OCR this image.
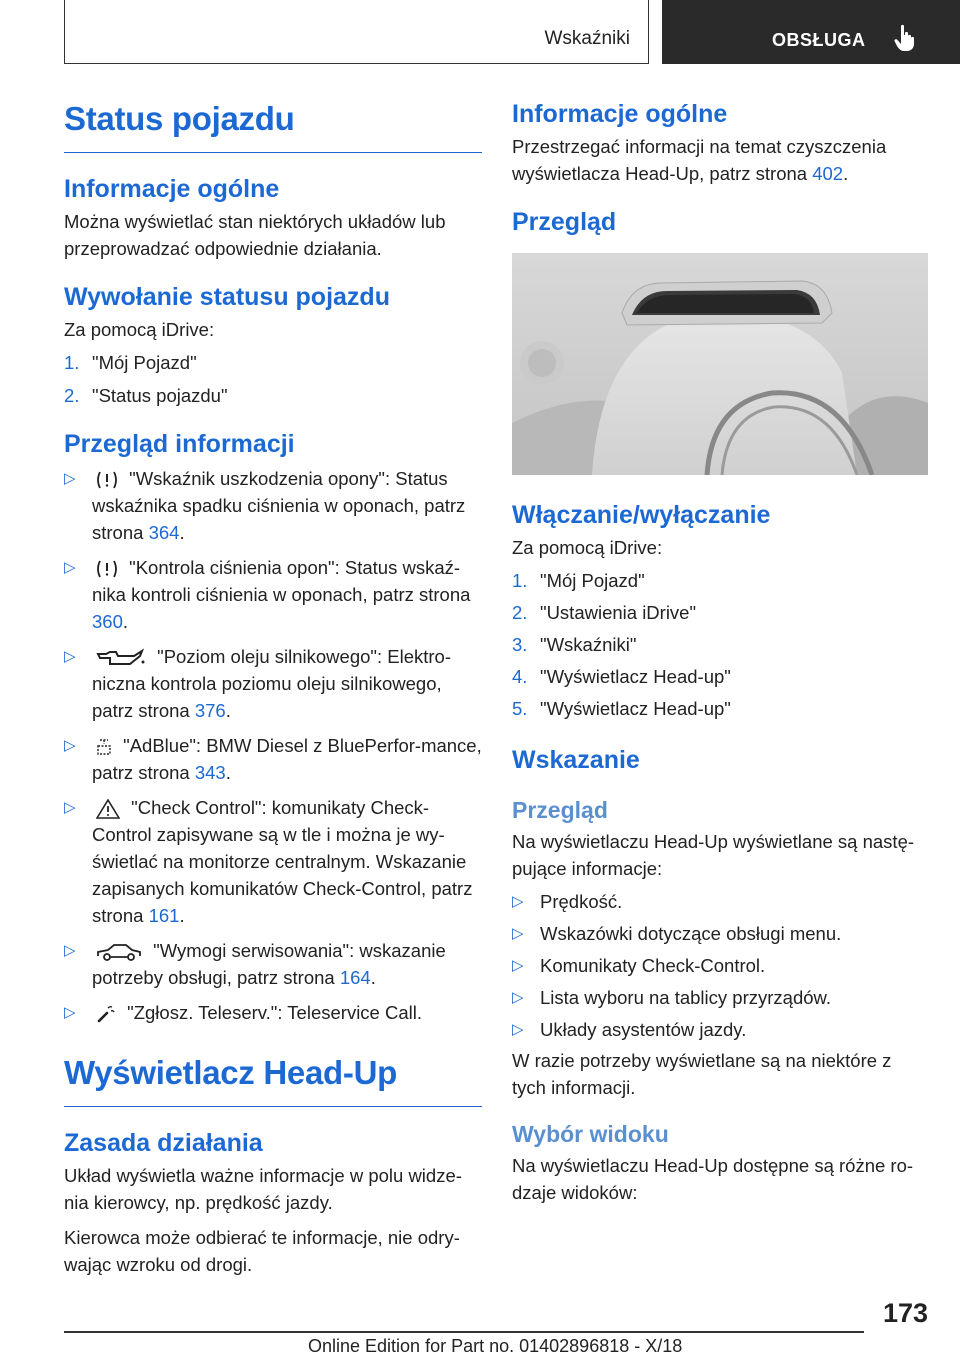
Wskaźniki	OBSŁUGA
Status pojazdu
Informacje ogólne

Można wyświetlać stan niektórych układów lub przeprowadzać odpowiednie działania.

Wywołanie statusu pojazdu

Za pomocą iDrive:

1. "Mój Pojazd"
2. "Status pojazdu"
Przegląd informacji
▷	"Wskaźnik uszkodzenia opony": Status wskaźnika spadku ciśnienia w oponach, patrz strona 364.
▷	"Kontrola ciśnienia opon": Status wskaź-nika kontroli ciśnienia w oponach, patrz strona 360.
▷	"Poziom oleju silnikowego": Elektro-niczna kontrola poziomu oleju silnikowego, patrz strona 376.
▷	"AdBlue": BMW Diesel z BluePerfor-mance, patrz strona 343.
▷	"Check Control": komunikaty Check-Control zapisywane są w tle i można je wy-świetlać na monitorze centralnym. Wskazanie zapisanych komunikatów Check-Control, patrz strona 161.
▷	"Wymogi serwisowania": wskazanie potrzeby obsługi, patrz strona 164.
▷	"Zgłosz. Teleserv.": Teleservice Call.
Wyświetlacz Head-Up
Zasada działania

Układ wyświetla ważne informacje w polu widze-nia kierowcy, np. prędkość jazdy.

Kierowca może odbierać te informacje, nie odry-wając wzroku od drogi.

Informacje ogólne

Przestrzegać informacji na temat czyszczenia wyświetlacza Head-Up, patrz strona 402.

Przegląd
Włączanie/wyłączanie

Za pomocą iDrive:

1. "Mój Pojazd"
2. "Ustawienia iDrive"
3. "Wskaźniki"
4. "Wyświetlacz Head-up"
5. "Wyświetlacz Head-up"
Wskazanie
Przegląd

Na wyświetlaczu Head-Up wyświetlane są nastę-pujące informacje:

▷ Prędkość.
▷ Wskazówki dotyczące obsługi menu.
▷ Komunikaty Check-Control.
▷ Lista wyboru na tablicy przyrządów.
▷ Układy asystentów jazdy.

W razie potrzeby wyświetlane są na niektóre z tych informacji.

Wybór widoku

Na wyświetlaczu Head-Up dostępne są różne ro-dzaje widoków:

173
Online Edition for Part no. 01402896818 - X/18
